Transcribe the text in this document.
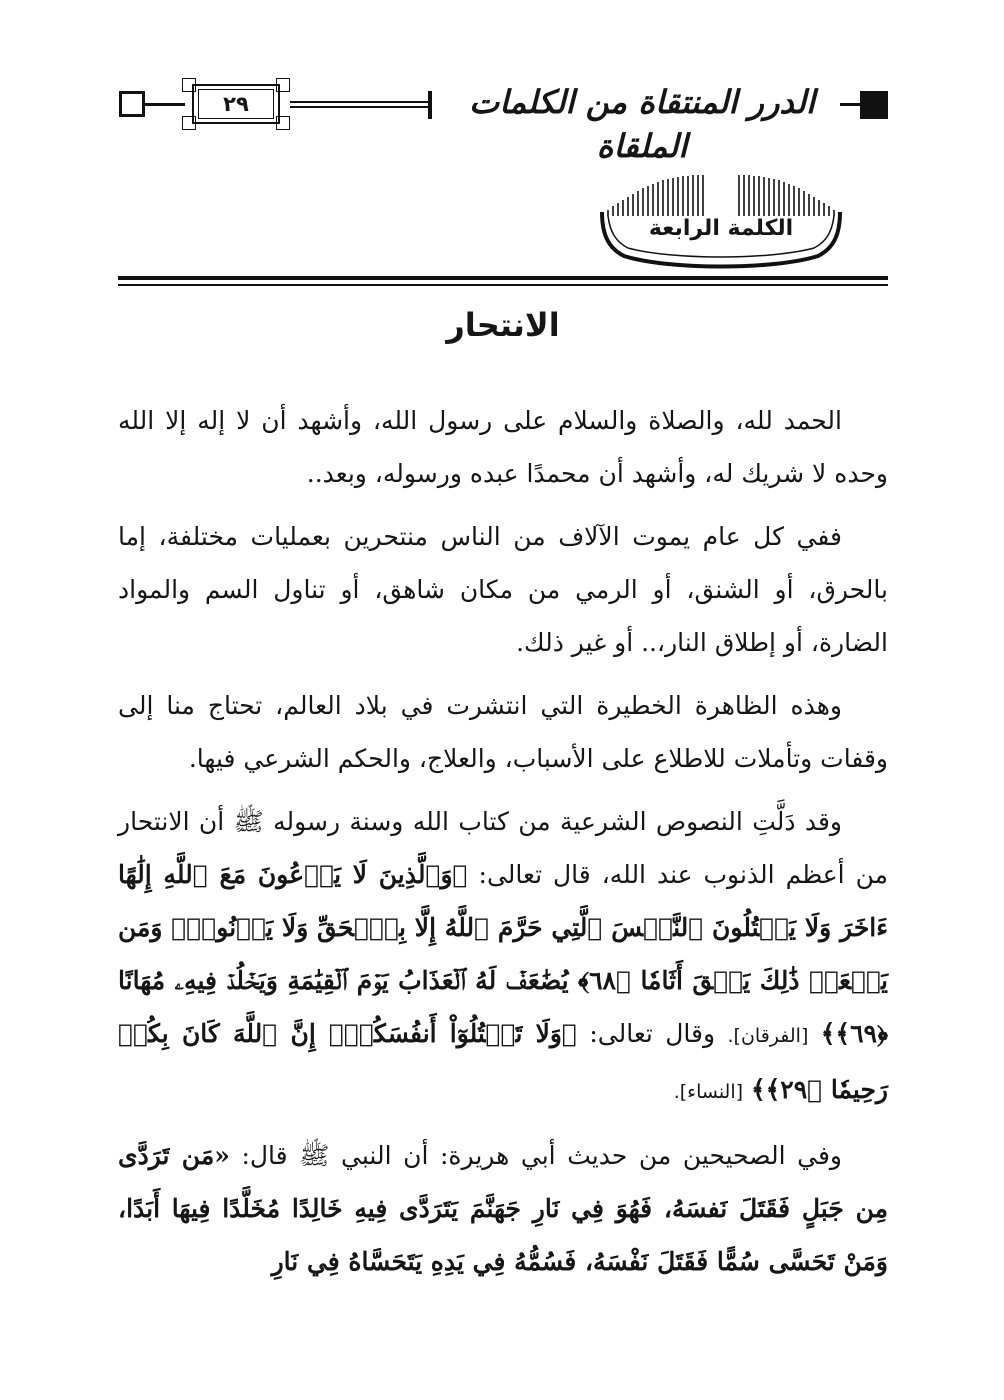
٢٩	الدرر المنتقاة من الكلمات الملقاة
الكلمة الرابعة
الانتحار

الحمد لله، والصلاة والسلام على رسول الله، وأشهد أن لا إله إلا الله وحده لا شريك له، وأشهد أن محمدًا عبده ورسوله، وبعد..

ففي كل عام يموت الآلاف من الناس منتحرين بعمليات مختلفة، إما بالحرق، أو الشنق، أو الرمي من مكان شاهق، أو تناول السم والمواد الضارة، أو إطلاق النار،.. أو غير ذلك.

وهذه الظاهرة الخطيرة التي انتشرت في بلاد العالم، تحتاج منا إلى وقفات وتأملات للاطلاع على الأسباب، والعلاج، والحكم الشرعي فيها.

وقد دَلَّتِ النصوص الشرعية من كتاب الله وسنة رسوله ﷺ أن الانتحار من أعظم الذنوب عند الله، قال تعالى: ﴿وَٱلَّذِينَ لَا يَدۡعُونَ مَعَ ٱللَّهِ إِلَٰهًا ءَاخَرَ وَلَا يَقۡتُلُونَ ٱلنَّفۡسَ ٱلَّتِي حَرَّمَ ٱللَّهُ إِلَّا بِٱلۡحَقِّ وَلَا يَزۡنُونَۚ وَمَن يَفۡعَلۡ ذَٰلِكَ يَلۡقَ أَثَامٗا ﴿٦٨﴾ يُضَٰعَفۡ لَهُ ٱلۡعَذَابُ يَوۡمَ ٱلۡقِيَٰمَةِ وَيَخۡلُدۡ فِيهِۦ مُهَانًا ﴿٦٩﴾﴾ [الفرقان]. وقال تعالى: ﴿وَلَا تَقۡتُلُوٓاْ أَنفُسَكُمۡۚ إِنَّ ٱللَّهَ كَانَ بِكُمۡ رَحِيمٗا ﴿٢٩﴾﴾ [النساء].

وفي الصحيحين من حديث أبي هريرة: أن النبي ﷺ قال: «مَن تَرَدَّى مِن جَبَلٍ فَقَتَلَ نَفسَهُ، فَهُوَ فِي نَارِ جَهَنَّمَ يَتَرَدَّى فِيهِ خَالِدًا مُخَلَّدًا فِيهَا أَبَدًا، وَمَنْ تَحَسَّى سُمًّا فَقَتَلَ نَفْسَهُ، فَسُمُّهُ فِي يَدِهِ يَتَحَسَّاهُ فِي نَارِ
